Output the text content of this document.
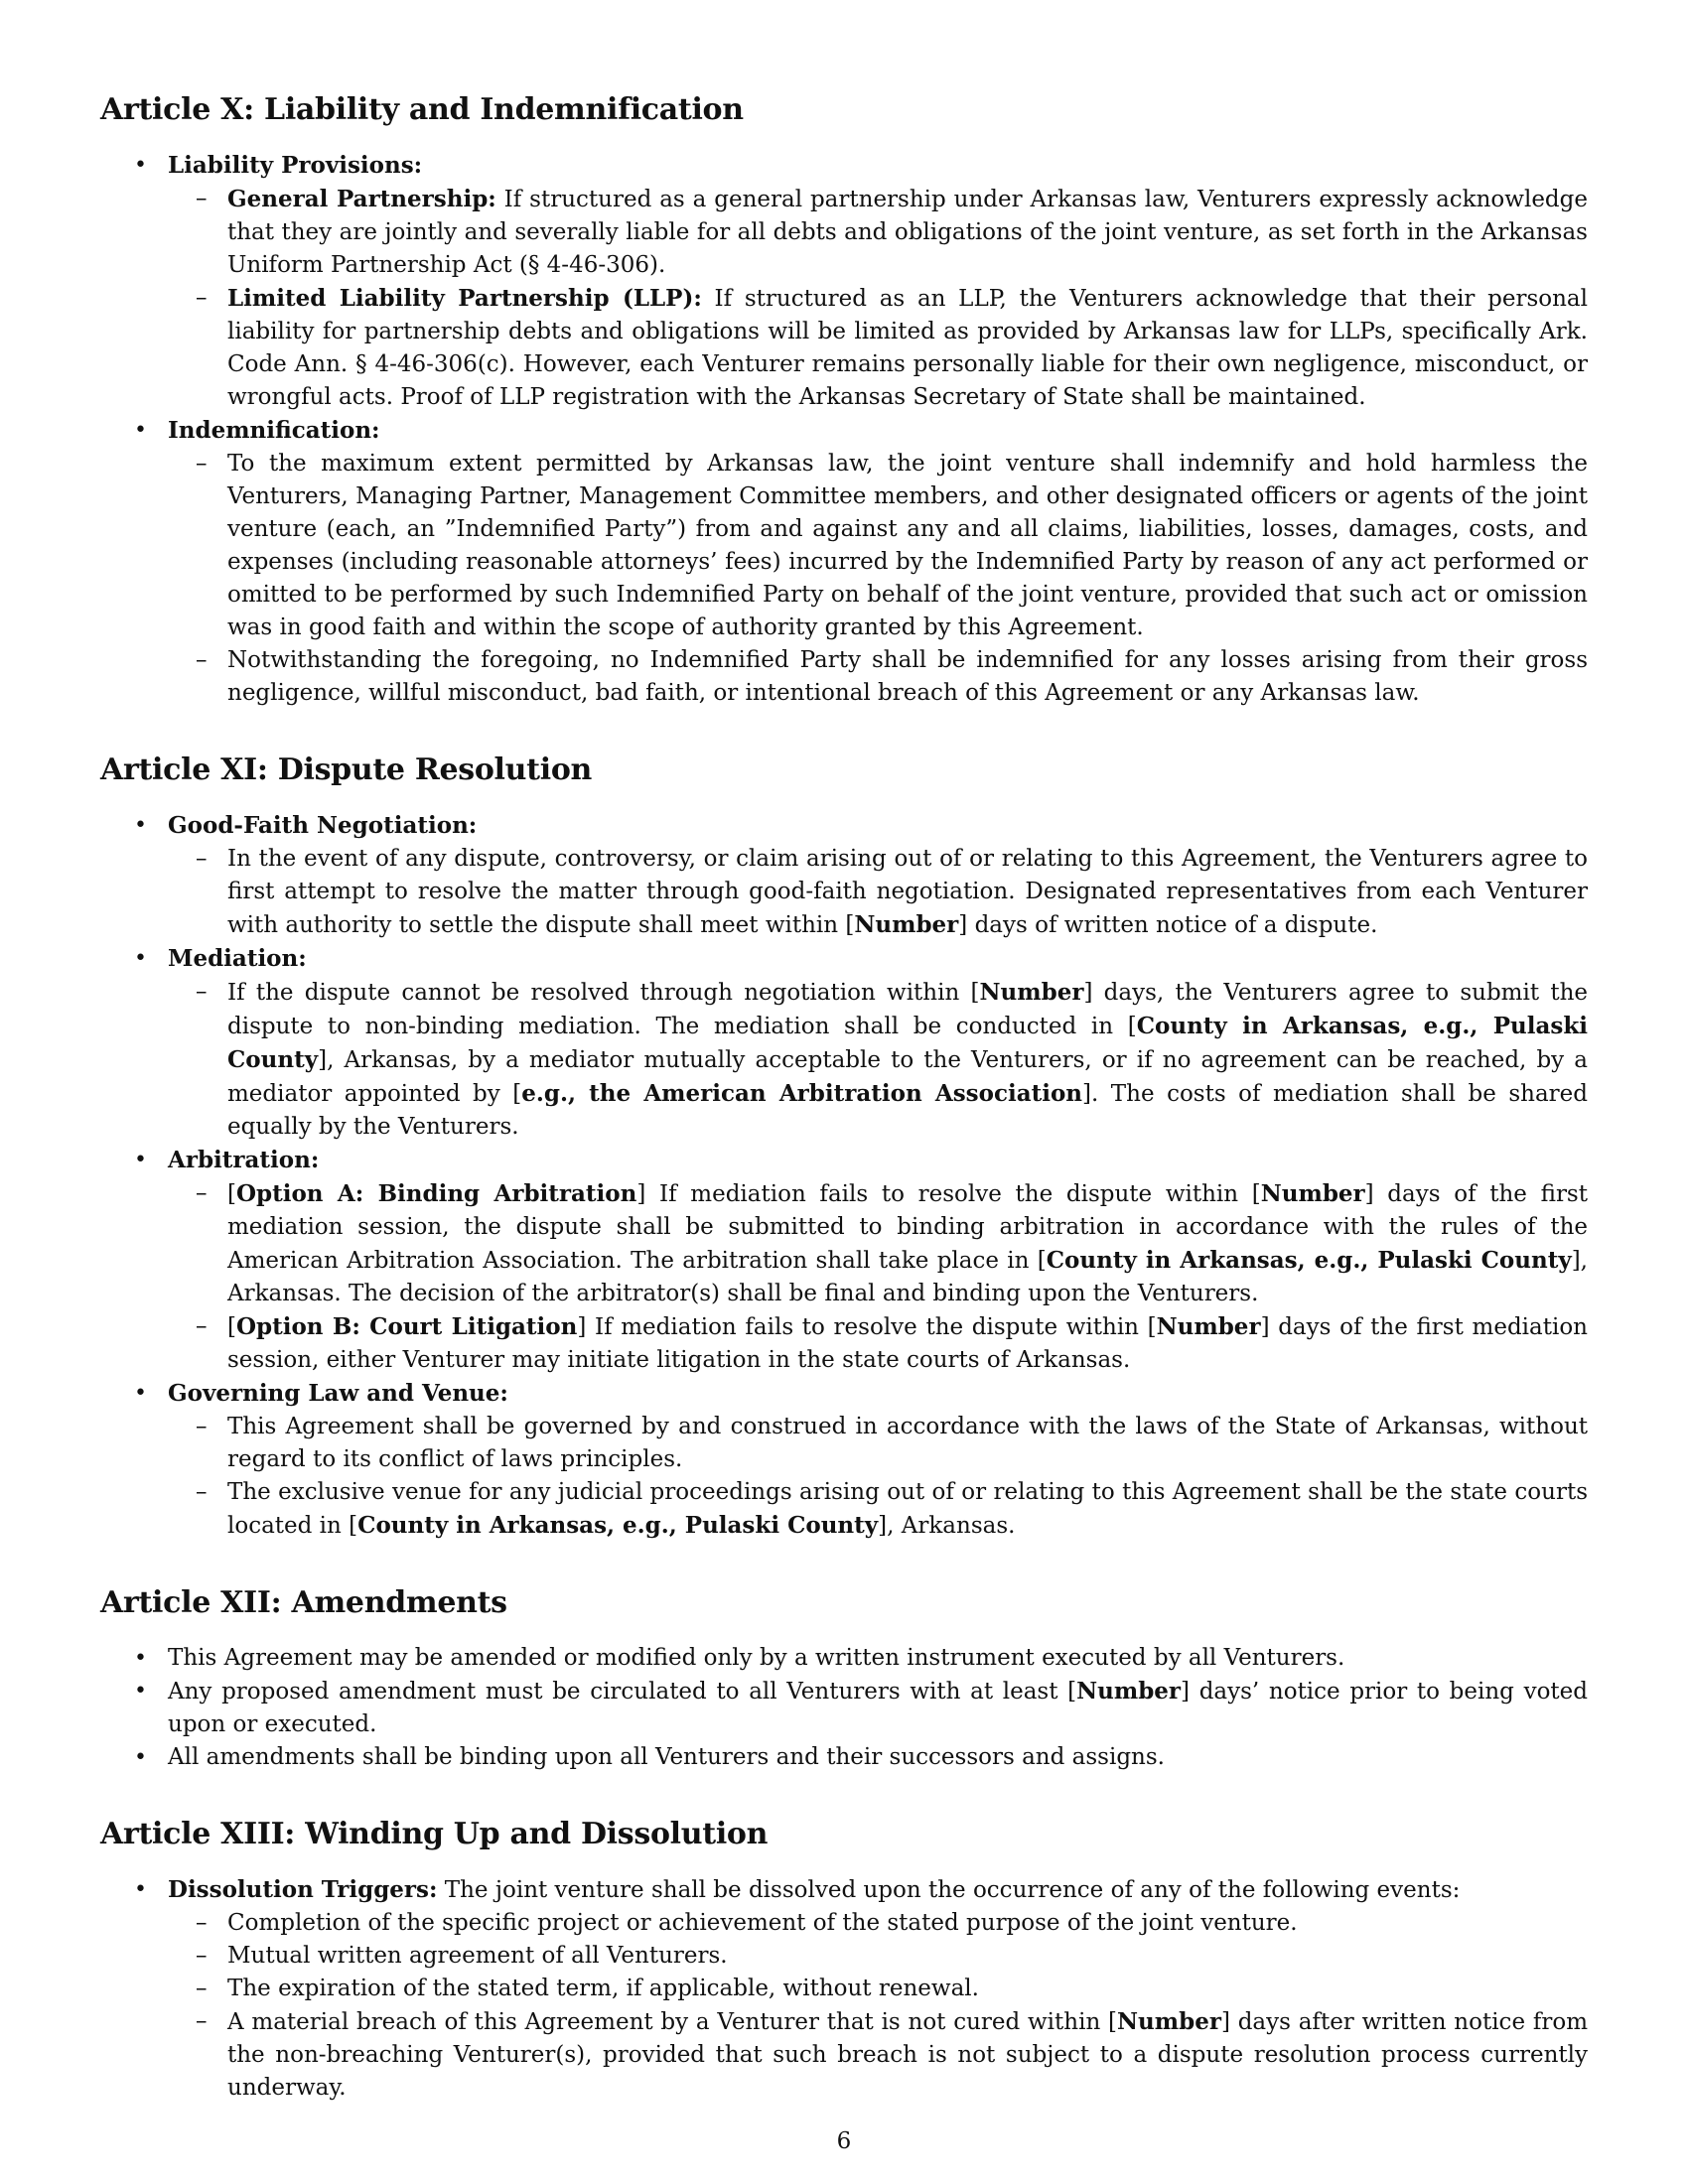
Article X: Liability and Indemnification
• Liability Provisions:
– General Partnership: If structured as a general partnership under Arkansas law, Venturers expressly acknowledge that they are jointly and severally liable for all debts and obligations of the joint venture, as set forth in the Arkansas Uniform Partnership Act (§ 4-46-306).
– Limited Liability Partnership (LLP): If structured as an LLP, the Venturers acknowledge that their personal liability for partnership debts and obligations will be limited as provided by Arkansas law for LLPs, specifically Ark. Code Ann. § 4-46-306(c). However, each Venturer remains personally liable for their own negligence, misconduct, or wrongful acts. Proof of LLP registration with the Arkansas Secretary of State shall be maintained.
• Indemnification:
– To the maximum extent permitted by Arkansas law, the joint venture shall indemnify and hold harmless the Venturers, Managing Partner, Management Committee members, and other designated officers or agents of the joint venture (each, an ”Indemnified Party”) from and against any and all claims, liabilities, losses, damages, costs, and expenses (including reasonable attorneys’ fees) incurred by the Indemnified Party by reason of any act performed or omitted to be performed by such Indemnified Party on behalf of the joint venture, provided that such act or omission was in good faith and within the scope of authority granted by this Agreement.
– Notwithstanding the foregoing, no Indemnified Party shall be indemnified for any losses arising from their gross negligence, willful misconduct, bad faith, or intentional breach of this Agreement or any Arkansas law.
Article XI: Dispute Resolution
• Good-Faith Negotiation:
– In the event of any dispute, controversy, or claim arising out of or relating to this Agreement, the Venturers agree to first attempt to resolve the matter through good-faith negotiation. Designated representatives from each Venturer with authority to settle the dispute shall meet within [Number] days of written notice of a dispute.
• Mediation:
– If the dispute cannot be resolved through negotiation within [Number] days, the Venturers agree to submit the dispute to non-binding mediation. The mediation shall be conducted in [County in Arkansas, e.g., Pulaski County], Arkansas, by a mediator mutually acceptable to the Venturers, or if no agreement can be reached, by a mediator appointed by [e.g., the American Arbitration Association]. The costs of mediation shall be shared equally by the Venturers.
• Arbitration:
– [Option A: Binding Arbitration] If mediation fails to resolve the dispute within [Number] days of the first mediation session, the dispute shall be submitted to binding arbitration in accordance with the rules of the American Arbitration Association. The arbitration shall take place in [County in Arkansas, e.g., Pulaski County], Arkansas. The decision of the arbitrator(s) shall be final and binding upon the Venturers.
– [Option B: Court Litigation] If mediation fails to resolve the dispute within [Number] days of the first mediation session, either Venturer may initiate litigation in the state courts of Arkansas.
• Governing Law and Venue:
– This Agreement shall be governed by and construed in accordance with the laws of the State of Arkansas, without regard to its conflict of laws principles.
– The exclusive venue for any judicial proceedings arising out of or relating to this Agreement shall be the state courts located in [County in Arkansas, e.g., Pulaski County], Arkansas.
Article XII: Amendments
• This Agreement may be amended or modified only by a written instrument executed by all Venturers.
• Any proposed amendment must be circulated to all Venturers with at least [Number] days’ notice prior to being voted upon or executed.
• All amendments shall be binding upon all Venturers and their successors and assigns.
Article XIII: Winding Up and Dissolution
• Dissolution Triggers: The joint venture shall be dissolved upon the occurrence of any of the following events:
– Completion of the specific project or achievement of the stated purpose of the joint venture.
– Mutual written agreement of all Venturers.
– The expiration of the stated term, if applicable, without renewal.
– A material breach of this Agreement by a Venturer that is not cured within [Number] days after written notice from the non-breaching Venturer(s), provided that such breach is not subject to a dispute resolution process currently underway.
6
